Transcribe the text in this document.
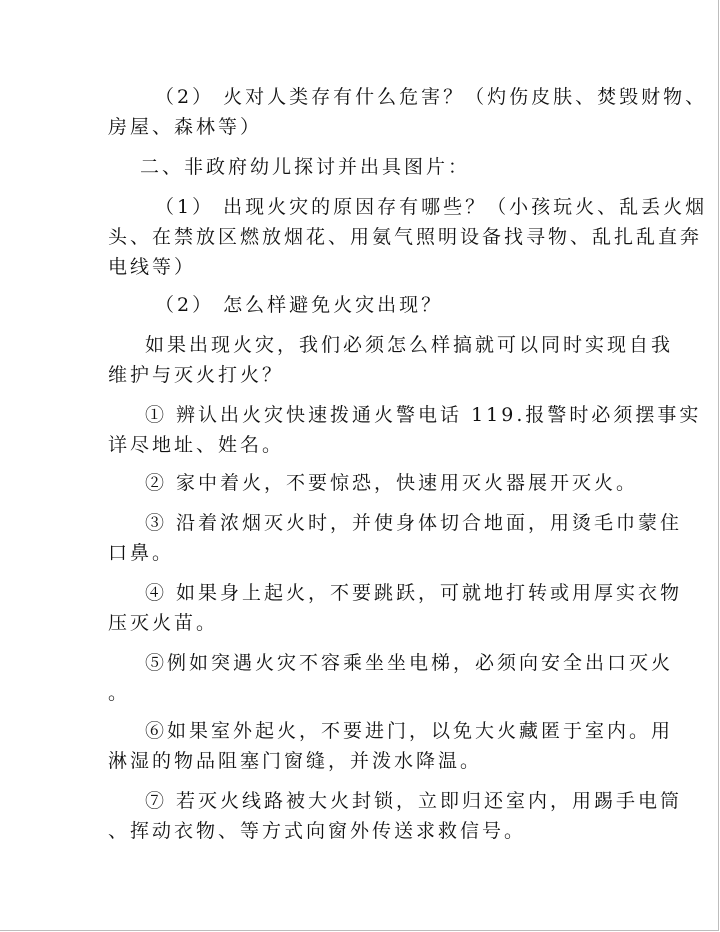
（2） 火对人类存有什么危害？（灼伤皮肤、焚毁财物、
房屋、森林等）
二、非政府幼儿探讨并出具图片：
（1） 出现火灾的原因存有哪些？（小孩玩火、乱丢火烟
头、在禁放区燃放烟花、用氨气照明设备找寻物、乱扎乱直奔
电线等）
（2） 怎么样避免火灾出现？
如果出现火灾，我们必须怎么样搞就可以同时实现自我
维护与灭火打火？
① 辨认出火灾快速拨通火警电话 119.报警时必须摆事实
详尽地址、姓名。
② 家中着火，不要惊恐，快速用灭火器展开灭火。
③ 沿着浓烟灭火时，并使身体切合地面，用烫毛巾蒙住
口鼻。
④ 如果身上起火，不要跳跃，可就地打转或用厚实衣物
压灭火苗。
⑤例如突遇火灾不容乘坐坐电梯，必须向安全出口灭火
。
⑥如果室外起火，不要进门，以免大火藏匿于室内。用
淋湿的物品阻塞门窗缝，并泼水降温。
⑦ 若灭火线路被大火封锁，立即归还室内，用踢手电筒
、挥动衣物、等方式向窗外传送求救信号。
